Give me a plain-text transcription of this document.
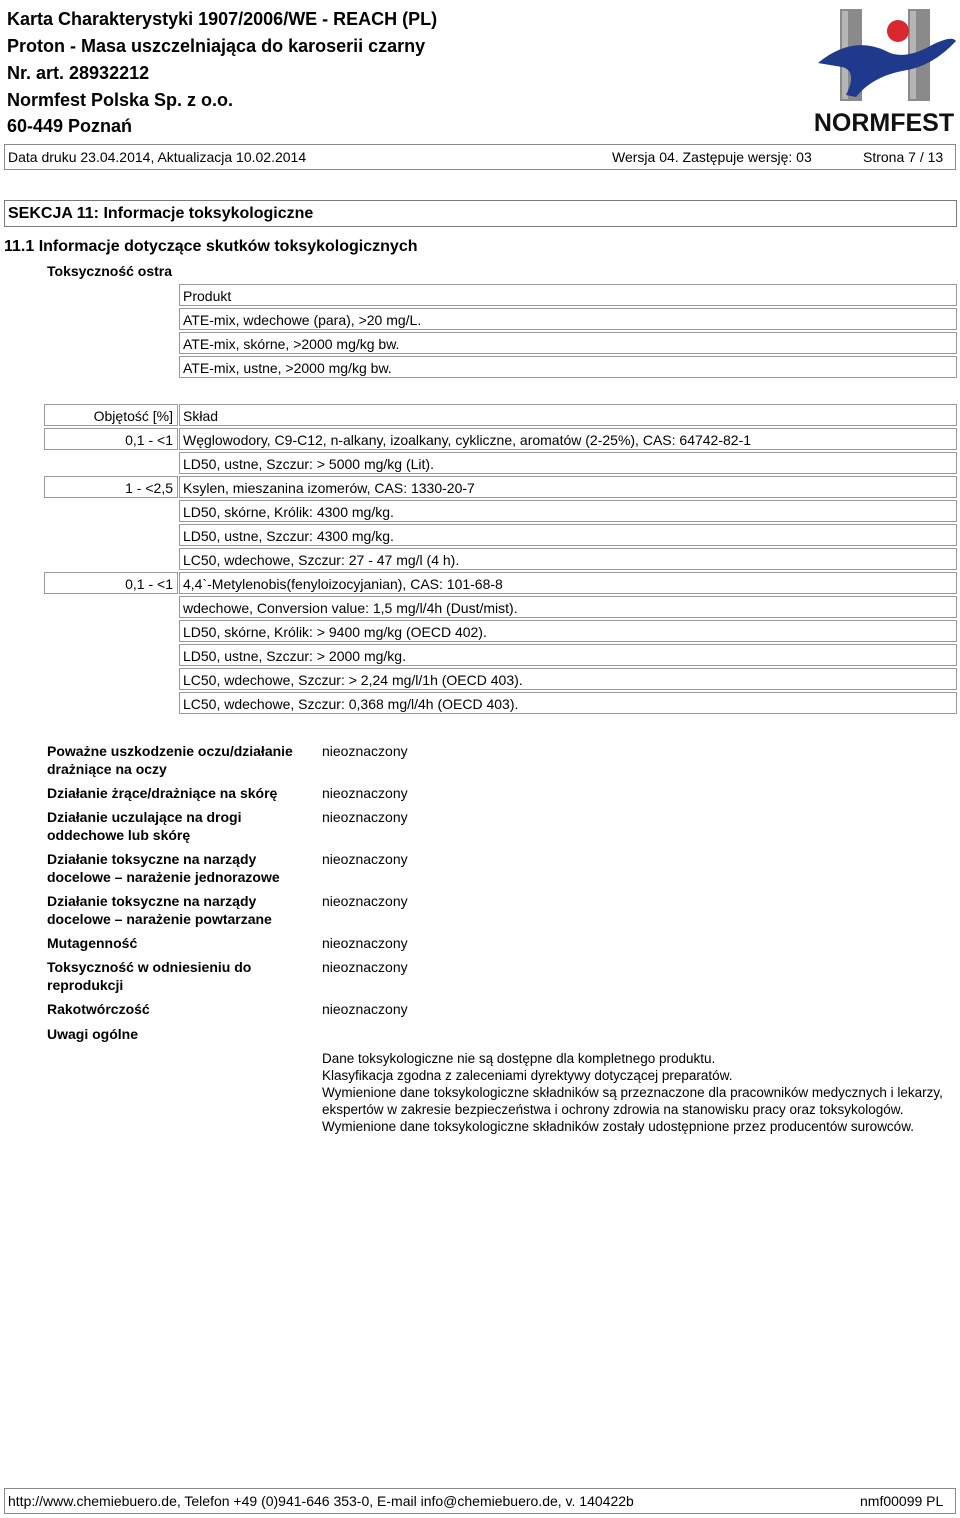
Karta Charakterystyki 1907/2006/WE - REACH (PL)
Proton - Masa uszczelniająca do karoserii czarny
Nr. art. 28932212
Normfest Polska Sp. z o.o.
60-449 Poznań	NORMFEST
Data druku 23.04.2014, Aktualizacja 10.02.2014	Wersja 04. Zastępuje wersję: 03	Strona 7 / 13
SEKCJA 11: Informacje toksykologiczne
11.1 Informacje dotyczące skutków toksykologicznych
Toksyczność ostra
Produkt
ATE-mix, wdechowe (para), >20 mg/L.
ATE-mix, skórne, >2000 mg/kg bw.
ATE-mix, ustne, >2000 mg/kg bw.
Objętość [%] Skład
0,1 - <1 Węglowodory, C9-C12, n-alkany, izoalkany, cykliczne, aromatów (2-25%), CAS: 64742-82-1
LD50, ustne, Szczur: > 5000 mg/kg (Lit).
1 - <2,5 Ksylen, mieszanina izomerów, CAS: 1330-20-7
LD50, skórne, Królik: 4300 mg/kg.
LD50, ustne, Szczur: 4300 mg/kg.
LC50, wdechowe, Szczur: 27 - 47 mg/l (4 h).
0,1 - <1 4,4`-Metylenobis(fenyloizocyjanian), CAS: 101-68-8
wdechowe, Conversion value: 1,5 mg/l/4h (Dust/mist).
LD50, skórne, Królik: > 9400 mg/kg (OECD 402).
LD50, ustne, Szczur: > 2000 mg/kg.
LC50, wdechowe, Szczur: > 2,24 mg/l/1h (OECD 403).
LC50, wdechowe, Szczur: 0,368 mg/l/4h (OECD 403).
Poważne uszkodzenie oczu/działanie drażniące na oczy
nieoznaczony
Działanie żrące/drażniące na skórę	nieoznaczony
Działanie uczulające na drogi oddechowe lub skórę
nieoznaczony
Działanie toksyczne na narządy docelowe – narażenie jednorazowe
nieoznaczony
Działanie toksyczne na narządy docelowe – narażenie powtarzane
nieoznaczony
Mutagenność	nieoznaczony
Toksyczność w odniesieniu do reprodukcji
nieoznaczony
Rakotwórczość	nieoznaczony
Uwagi ogólne
Dane toksykologiczne nie są dostępne dla kompletnego produktu.
Klasyfikacja zgodna z zaleceniami dyrektywy dotyczącej preparatów.
Wymienione dane toksykologiczne składników są przeznaczone dla pracowników medycznych i lekarzy, ekspertów w zakresie bezpieczeństwa i ochrony zdrowia na stanowisku pracy oraz toksykologów. Wymienione dane toksykologiczne składników zostały udostępnione przez producentów surowców.
http://www.chemiebuero.de, Telefon +49 (0)941-646 353-0, E-mail info@chemiebuero.de, v. 140422b	nmf00099 PL
